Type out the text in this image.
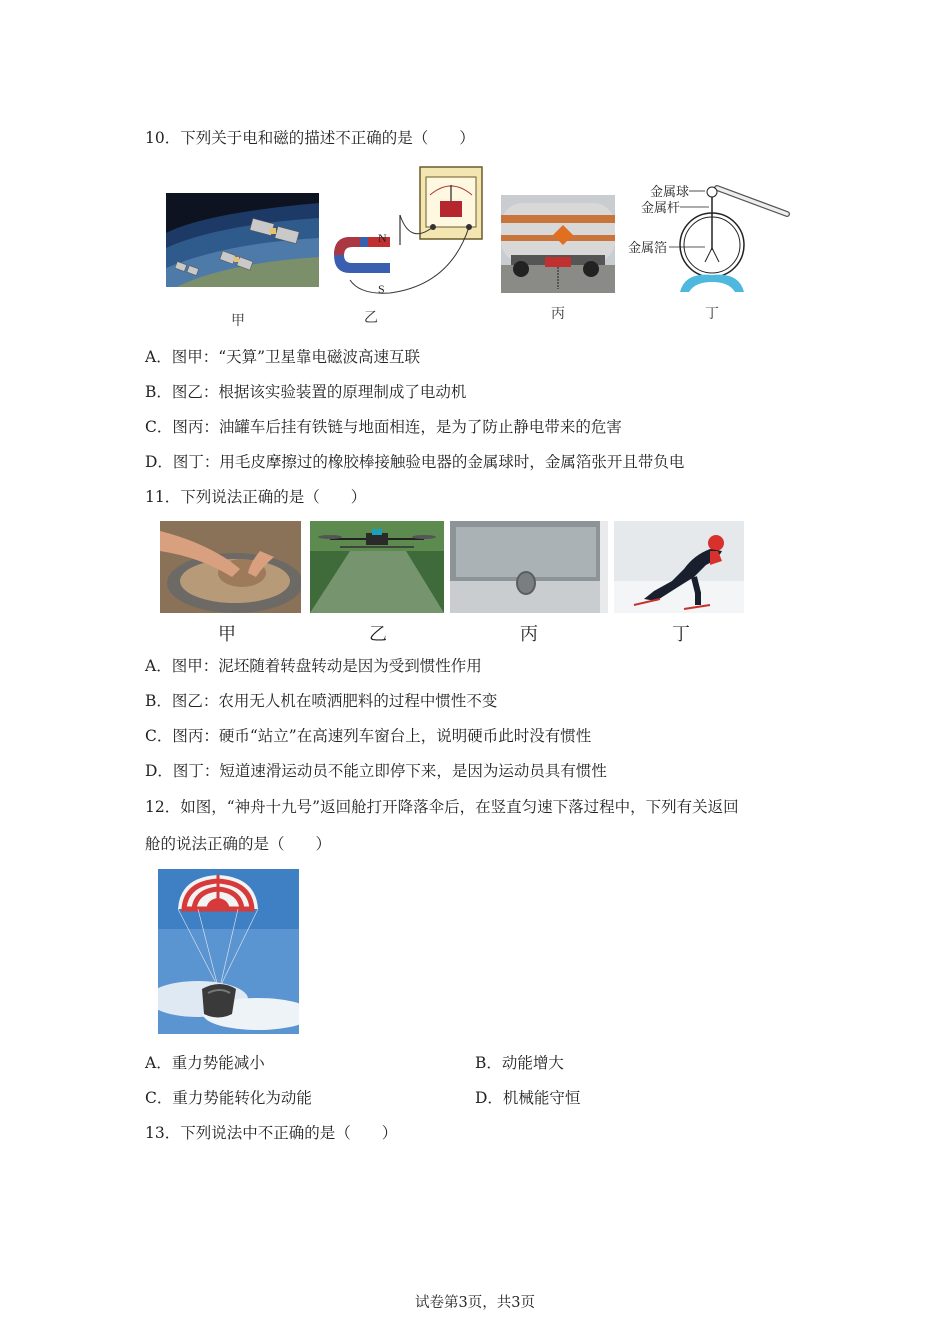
10．下列关于电和磁的描述不正确的是（　　）
甲
N
S
乙	丙
金属球
金属杆
金属箔
丁
A．图甲：“天算”卫星靠电磁波高速互联
B．图乙：根据该实验装置的原理制成了电动机
C．图丙：油罐车后挂有铁链与地面相连，是为了防止静电带来的危害
D．图丁：用毛皮摩擦过的橡胶棒接触验电器的金属球时，金属箔张开且带负电
11．下列说法正确的是（　　）
甲	乙	丙	丁
A．图甲：泥坯随着转盘转动是因为受到惯性作用
B．图乙：农用无人机在喷洒肥料的过程中惯性不变
C．图丙：硬币“站立”在高速列车窗台上，说明硬币此时没有惯性
D．图丁：短道速滑运动员不能立即停下来，是因为运动员具有惯性
12．如图，“神舟十九号”返回舱打开降落伞后，在竖直匀速下落过程中，下列有关返回
舱的说法正确的是（　　）
A．重力势能减小	B．动能增大
C．重力势能转化为动能	D．机械能守恒
13．下列说法中不正确的是（　　）
试卷第3页，共3页
